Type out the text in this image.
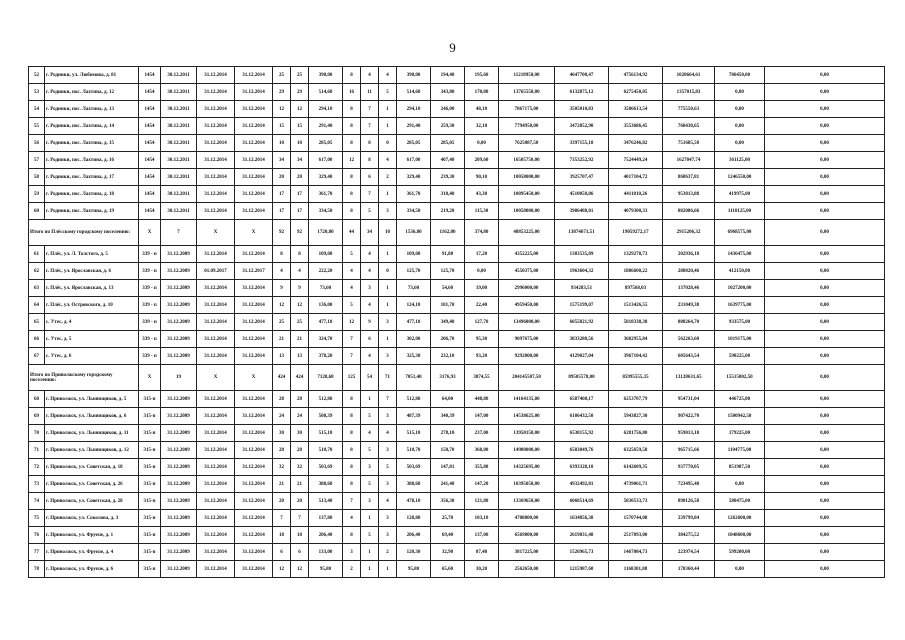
9
52	г. Родники, ул. Любимова, д. 81	1454	30.12.2011	31.12.2014	31.12.2014	25	25	390,00	8	4	4	390,00	194,40	195,60	11218950,00	4647700,47	4756134,92	1028664,61	786450,00	0,00
53	г. Родники, пос. Лахтина, д. 12	1454	30.12.2011	31.12.2014	31.12.2014	29	29	514,60	16	11	5	514,60	343,80	170,80	13765550,00	6132875,12	6275450,05	1357015,83	0,00	0,00
54	г. Родники, пос. Лахтина, д. 13	1454	30.12.2011	31.12.2014	31.12.2014	12	12	294,10	8	7	1	294,10	246,00	48,10	7867175,00	3505010,83	3586613,54	775550,63	0,00	0,00
55	г. Родники, пос. Лахтина, д. 14	1454	30.12.2011	31.12.2014	31.12.2014	15	15	291,40	8	7	1	291,40	259,30	32,10	7794950,00	3472852,90	3553686,45	768430,65	0,00	0,00
56	г. Родники, пос. Лахтина, д. 15	1454	30.12.2011	31.12.2014	31.12.2014	10	10	285,05	8	8	0	285,05	285,05	0,00	7625087,50	3397155,18	3476246,82	751685,50	0,00	0,00
57	г. Родники, пос. Лахтина, д. 16	1454	30.12.2011	31.12.2014	31.12.2014	34	34	617,00	12	8	4	617,00	407,40	209,60	16505750,00	7353252,92	7524449,24	1627047,74	361125,00	0,00
58	г. Родники, пос. Лахтина, д. 17	1454	30.12.2011	31.12.2014	31.12.2014	20	20	329,40	8	6	2	329,40	239,30	90,10	10058000,00	3925707,47	4017104,72	868637,81	1246550,00	0,00
59	г. Родники, пос. Лахтина, д. 18	1454	30.12.2011	31.12.2014	31.12.2014	17	17	361,70	8	7	1	361,70	318,40	43,30	10095450,00	4510050,86	4411810,26	953813,88	419975,00	0,00
60	г. Родники, пос. Лахтина, д. 19	1454	30.12.2011	31.12.2014	31.12.2014	17	17	334,50	8	5	3	334,50	219,20	115,30	10058000,00	3986488,01	4079300,33	882086,66	1110125,00	0,00
Итого по Плёсскому городскому поселению:		X	7	X	X	92	92	1720,80	44	34	10	1536,80	1162,00	374,80	48853225,00	13874671,51	19059272,17	2915206,32	6968575,00	0,00
61	г. Плёс, ул. Л. Толстого, д. 5	339 - п	31.12.2009	31.12.2014	31.12.2014	8	8	109,00	5	4	1	109,00	91,80	17,20	4352225,00	1383535,09	1329278,73	202936,18	1436475,00	0,00
62	г. Плёс, ул. Ярославская, д. 6	339 - п	31.12.2009	01.09.2017	31.12.2017	4	4	222,20	4	4	0	125,70	125,70	0,00	4550375,00	1963604,32	1886600,22	288020,46	412150,00	0,00
63	г. Плёс, ул. Ярославская, д. 13	339 - п	31.12.2009	31.12.2014	31.12.2014	9	9	73,60	4	3	1	73,60	54,60	19,00	2996000,00	934283,51	897568,03	137028,46	1027200,00	0,00
64	г. Плёс, ул. Островского, д. 10	339 - п	31.12.2009	31.12.2014	31.12.2014	12	12	136,00	5	4	1	124,10	101,70	22,40	4959450,00	1575199,07	1513426,55	231049,38	1639775,00	0,00
65	с. Утес, д. 4	339 - п	31.12.2009	31.12.2014	31.12.2014	25	25	477,10	12	9	3	477,10	349,40	127,70	13496000,00	6055821,92	5818338,38	888264,70	933575,00	0,00
66	с. Утес, д. 5	339 - п	31.12.2009	31.12.2014	31.12.2014	21	21	324,70	7	6	1	302,00	206,70	95,30	9097675,00	3833280,56	3682955,84	562263,60	1019175,00	0,00
67	с. Утес, д. 6	339 - п	31.12.2009	31.12.2014	31.12.2014	13	13	378,20	7	4	3	325,30	232,10	93,20	9292000,00	4129027,04	3967104,42	605643,54	590225,00	0,00
Итого по Приволжскому городскому поселению:		X	19	X	X	424	424	7128,68	125	54	71	7051,48	3176,93	3874,55	204145507,50	89505578,00	85995555,35	13128631,65	15515802,50	0,00
68	г. Приволжск, ул. Льнянщиков, д. 5	315-п	31.12.2009	31.12.2014	31.12.2014	28	28	512,80	8	1	7	512,80	64,00	448,80	14164135,00	6587460,17	6253707,79	954731,04	446725,00	0,00
69	г. Приволжск, ул. Льнянщиков, д. 6	315-п	31.12.2009	31.12.2014	31.12.2014	24	24	508,39	8	5	3	487,39	340,39	147,00	14538625,00	6186432,50	5943827,30	907422,70	1500942,50	0,00
70	г. Приволжск, ул. Льнянщиков, д. 11	315-п	31.12.2009	31.12.2014	31.12.2014	30	30	515,10	8	4	4	515,10	278,10	237,00	13958150,00	6538155,92	6281756,80	959013,18	179225,00	0,00
71	г. Приволжск, ул. Льнянщиков, д. 12	315-п	31.12.2009	31.12.2014	31.12.2014	28	28	518,70	8	5	3	518,70	150,70	368,00	14980000,00	6583849,76	6325659,58	965715,66	1104775,00	0,00
72	г. Приволжск, ул. Советская, д. 18	315-п	31.12.2009	31.12.2014	31.12.2014	32	32	503,69	8	3	5	503,69	147,81	355,88	14325695,00	6393328,10	6142609,35	937770,05	851987,50	0,00
73	г. Приволжск, ул. Советская, д. 26	315-п	31.12.2009	31.12.2014	31.12.2014	21	21	388,60	8	5	3	388,60	241,40	147,20	10395050,00	4932492,81	4739061,71	723495,48	0,00	0,00
74	г. Приволжск, ул. Советская, д. 28	315-п	31.12.2009	31.12.2014	31.12.2014	20	20	513,40	7	3	4	478,10	356,30	121,80	13369650,00	6068514,69	5830533,73	890126,58	580475,00	0,00
75	г. Приволжск, ул. Соколова, д. 3	315-п	31.12.2009	31.12.2014	31.12.2014	7	7	137,80	4	1	3	128,80	25,70	103,10	4708800,00	1634856,38	1570744,08	239799,84	1262600,00	0,00
76	г. Приволжск, ул. Фрунзе, д. 1	315-п	31.12.2009	31.12.2014	31.12.2014	18	18	206,40	8	5	3	206,40	69,40	137,00	6569800,00	2619831,48	2517093,00	384275,52	1048600,00	0,00
77	г. Приволжск, ул. Фрунзе, д. 4	315-п	31.12.2009	31.12.2014	31.12.2014	6	6	133,00	3	1	2	120,30	32,90	87,40	3817225,00	1526965,73	1467084,73	223974,54	599200,00	0,00
78	г. Приволжск, ул. Фрунзе, д. 6	315-п	31.12.2009	31.12.2014	31.12.2014	12	12	95,80	2	1	1	95,80	65,60	30,20	2562650,00	1215987,68	1168301,88	178360,44	0,00	0,00
